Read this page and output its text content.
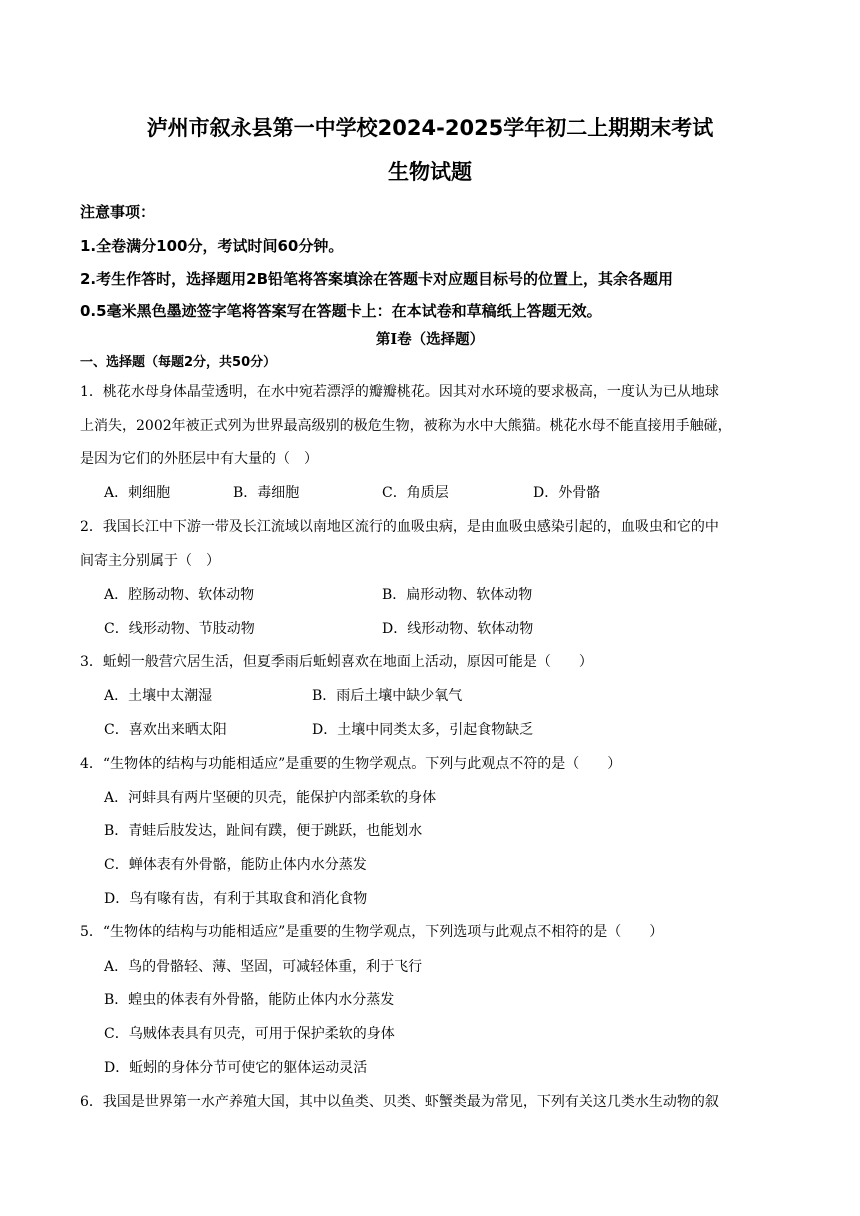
泸州市叙永县第一中学校2024-2025学年初二上期期末考试
生物试题
注意事项：
1.全卷满分100分，考试时间60分钟。
2.考生作答时，选择题用2B铅笔将答案填涂在答题卡对应题目标号的位置上，其余各题用
0.5毫米黑色墨迹签字笔将答案写在答题卡上：在本试卷和草稿纸上答题无效。
第Ⅰ卷（选择题）
一、选择题（每题2分，共50分）
1．桃花水母身体晶莹透明，在水中宛若漂浮的瓣瓣桃花。因其对水环境的要求极高，一度认为已从地球
上消失，2002年被正式列为世界最高级别的极危生物，被称为水中大熊猫。桃花水母不能直接用手触碰，
是因为它们的外胚层中有大量的（　）
A．刺细胞	B．毒细胞	C．角质层	D．外骨骼
2．我国长江中下游一带及长江流域以南地区流行的血吸虫病，是由血吸虫感染引起的，血吸虫和它的中
间寄主分别属于（　）
A．腔肠动物、软体动物	B．扁形动物、软体动物
C．线形动物、节肢动物	D．线形动物、软体动物
3．蚯蚓一般营穴居生活，但夏季雨后蚯蚓喜欢在地面上活动，原因可能是（　　）
A．土壤中太潮湿	B．雨后土壤中缺少氧气
C．喜欢出来晒太阳	D．土壤中同类太多，引起食物缺乏
4．“生物体的结构与功能相适应”是重要的生物学观点。下列与此观点不符的是（　　）
A．河蚌具有两片坚硬的贝壳，能保护内部柔软的身体
B．青蛙后肢发达，趾间有蹼，便于跳跃，也能划水
C．蝉体表有外骨骼，能防止体内水分蒸发
D．鸟有喙有齿，有利于其取食和消化食物
5．“生物体的结构与功能相适应”是重要的生物学观点，下列选项与此观点不相符的是（　　）
A．鸟的骨骼轻、薄、坚固，可减轻体重，利于飞行
B．蝗虫的体表有外骨骼，能防止体内水分蒸发
C．乌贼体表具有贝壳，可用于保护柔软的身体
D．蚯蚓的身体分节可使它的躯体运动灵活
6．我国是世界第一水产养殖大国，其中以鱼类、贝类、虾蟹类最为常见，下列有关这几类水生动物的叙
